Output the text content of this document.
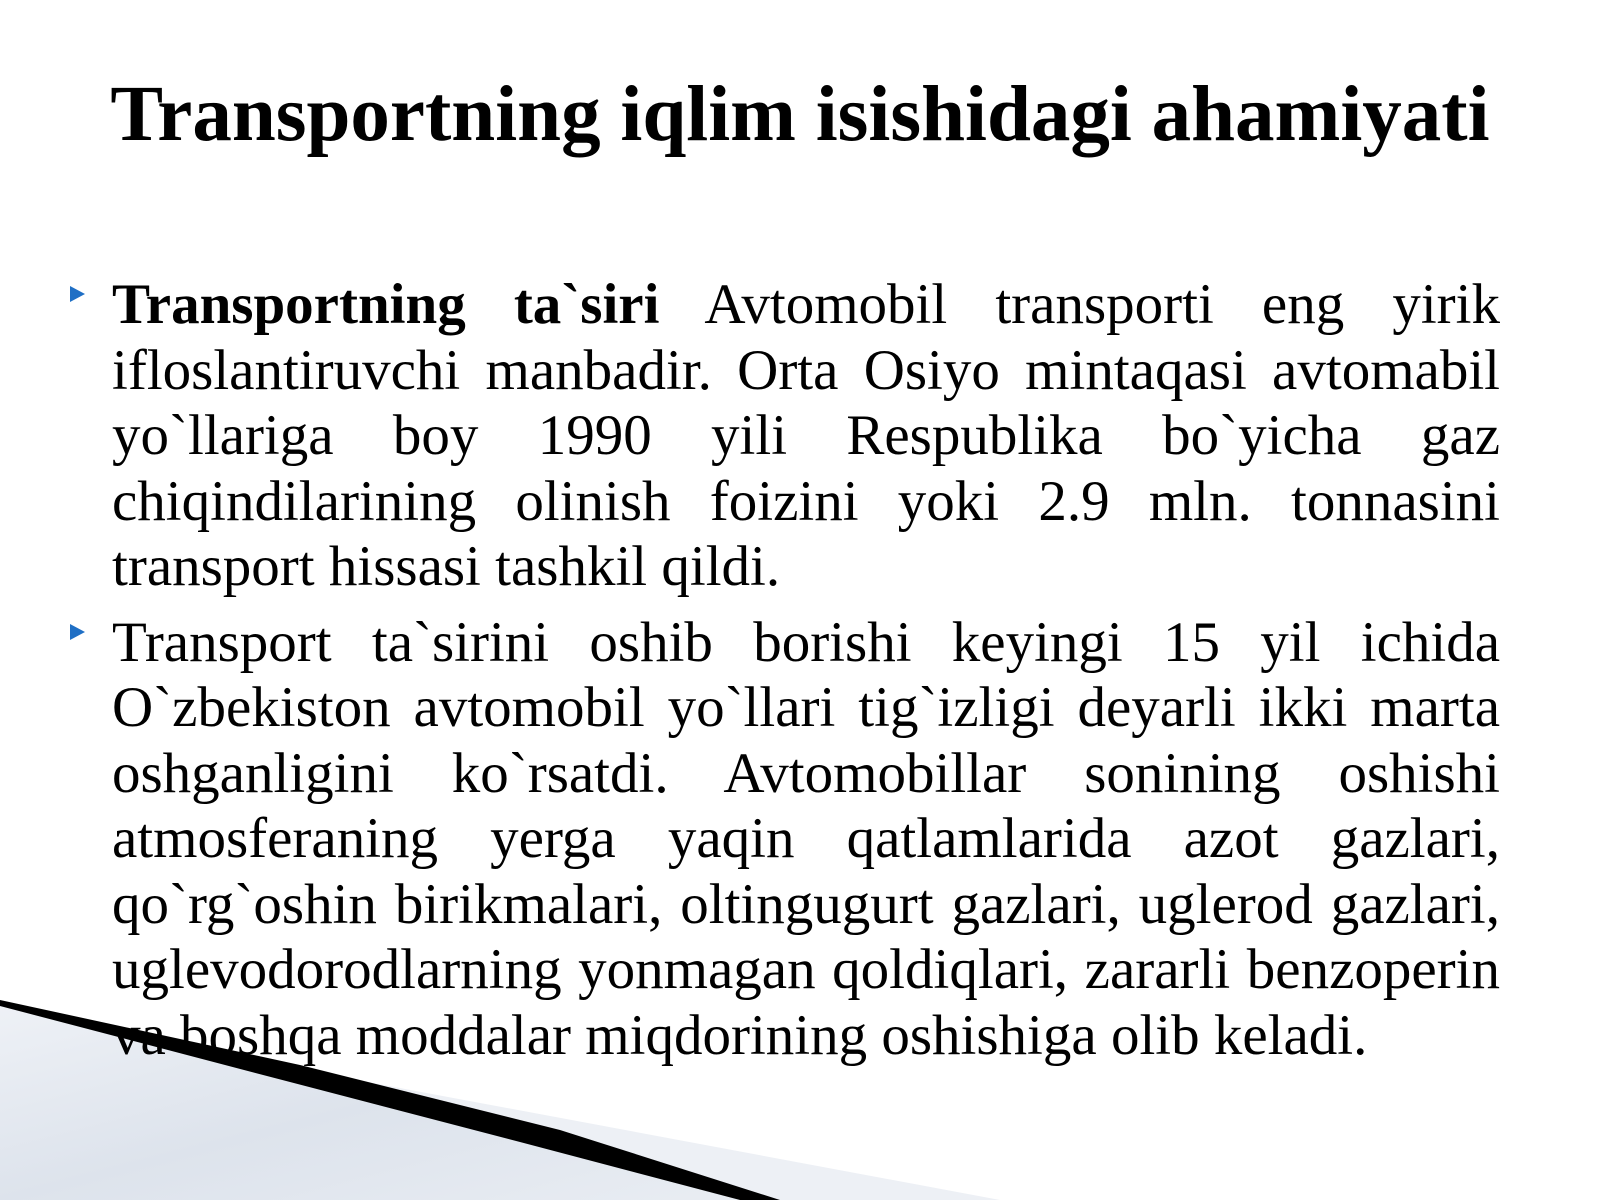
Transportning iqlim isishidagi ahamiyati

Transportning ta`siri Avtomobil transporti eng yirik ifloslantiruvchi manbadir. Orta Osiyo mintaqasi avtomabil yo`llariga boy 1990 yili Respublika bo`yicha gaz chiqindilarining olinish foizini yoki 2.9 mln. tonnasini transport hissasi tashkil qildi.

Transport ta`sirini oshib borishi keyingi 15 yil ichida O`zbekiston avtomobil yo`llari tig`izligi deyarli ikki marta oshganligini ko`rsatdi. Avtomobillar sonining oshishi atmosferaning yerga yaqin qatlamlarida azot gazlari, qo`rg`oshin birikmalari, oltingugurt gazlari, uglerod gazlari, uglevodorodlarning yonmagan qoldiqlari, zararli benzoperin va boshqa moddalar miqdorining oshishiga olib keladi.
